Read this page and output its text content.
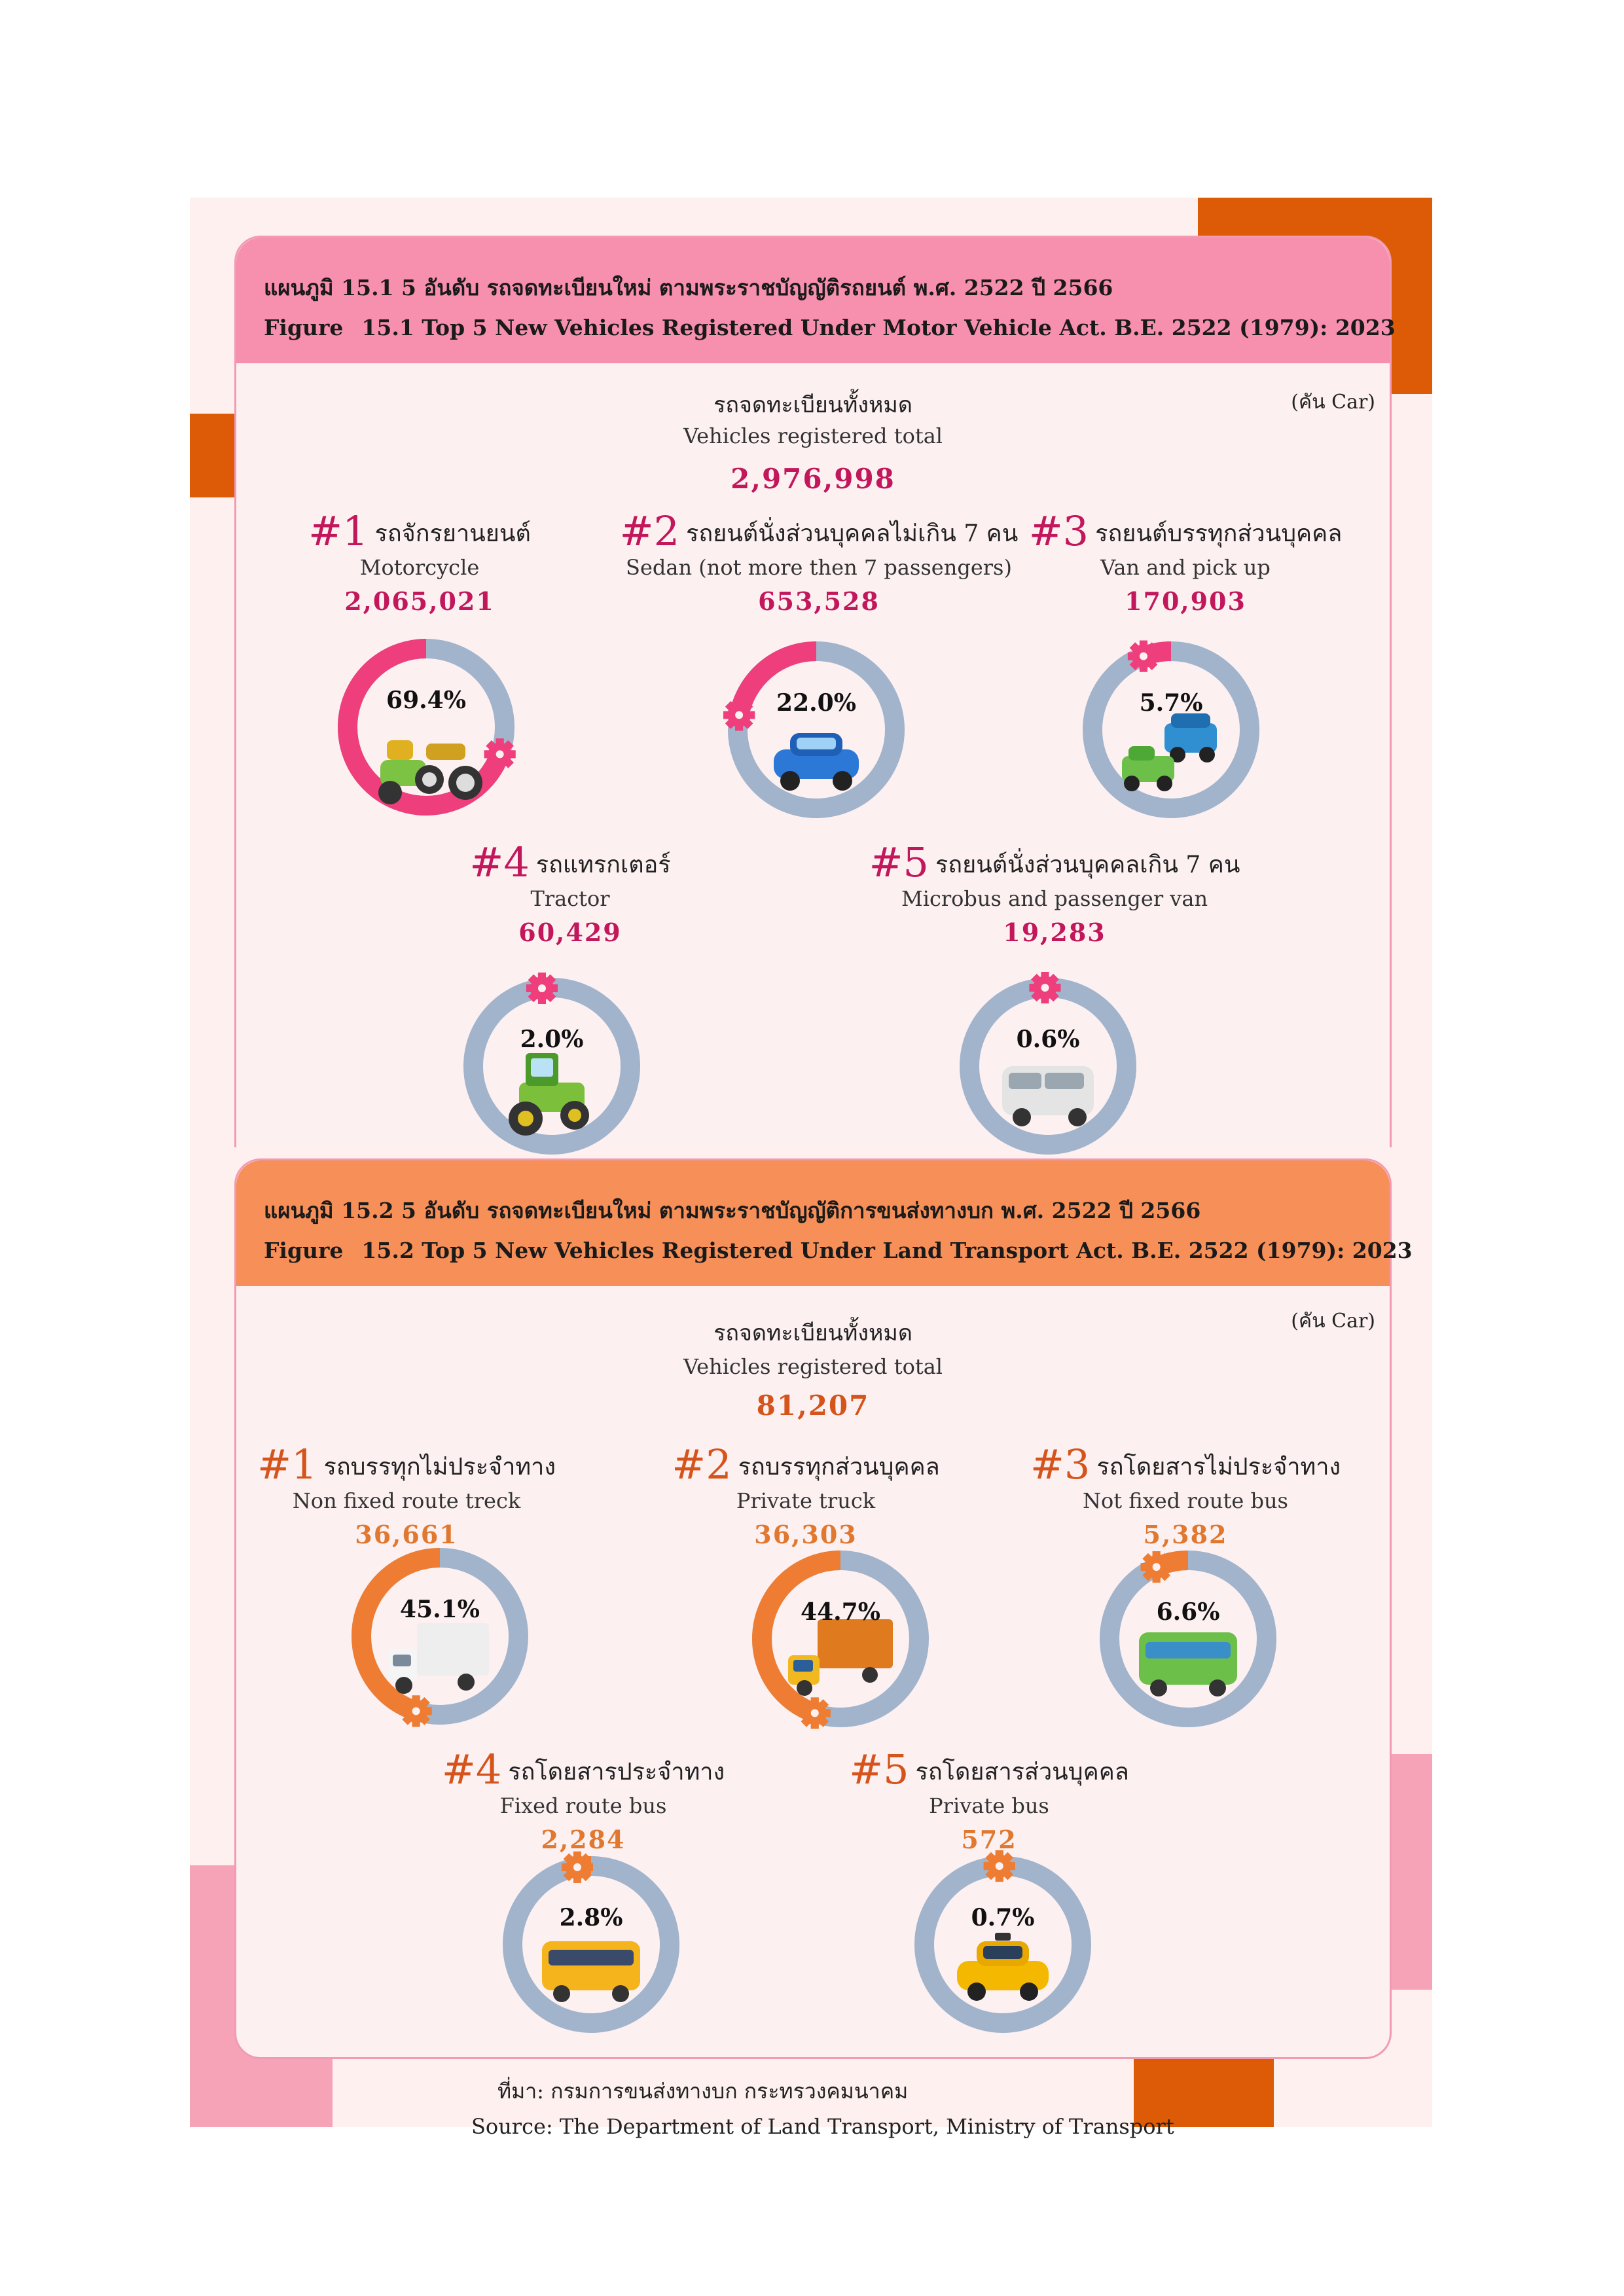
แผนภูมิ 15.1 5 อันดับ รถจดทะเบียนใหม่ ตามพระราชบัญญัติรถยนต์ พ.ศ. 2522 ปี 2566
Figure 15.1 Top 5 New Vehicles Registered Under Motor Vehicle Act. B.E. 2522 (1979): 2023
(คัน Car)
รถจดทะเบียนทั้งหมด
Vehicles registered total
2,976,998
#1 รถจักรยานยนต์
Motorcycle
2,065,021
69.4%
#2 รถยนต์นั่งส่วนบุคคลไม่เกิน 7 คน
Sedan (not more then 7 passengers)
653,528
22.0%
#3 รถยนต์บรรทุกส่วนบุคคล
Van and pick up
170,903
5.7%
#4 รถแทรกเตอร์
Tractor
60,429
2.0%
#5 รถยนต์นั่งส่วนบุคคลเกิน 7 คน
Microbus and passenger van
19,283
0.6%
แผนภูมิ 15.2 5 อันดับ รถจดทะเบียนใหม่ ตามพระราชบัญญัติการขนส่งทางบก พ.ศ. 2522 ปี 2566
Figure 15.2 Top 5 New Vehicles Registered Under Land Transport Act. B.E. 2522 (1979): 2023
(คัน Car)
รถจดทะเบียนทั้งหมด
Vehicles registered total
81,207
#1 รถบรรทุกไม่ประจำทาง
Non fixed route treck
36,661
45.1%
#2 รถบรรทุกส่วนบุคคล
Private truck
36,303
44.7%
#3 รถโดยสารไม่ประจำทาง
Not fixed route bus
5,382
6.6%
#4 รถโดยสารประจำทาง
Fixed route bus
2,284
2.8%
#5 รถโดยสารส่วนบุคคล
Private bus
572
0.7%
ที่มา: กรมการขนส่งทางบก กระทรวงคมนาคม
Source: The Department of Land Transport, Ministry of Transport
